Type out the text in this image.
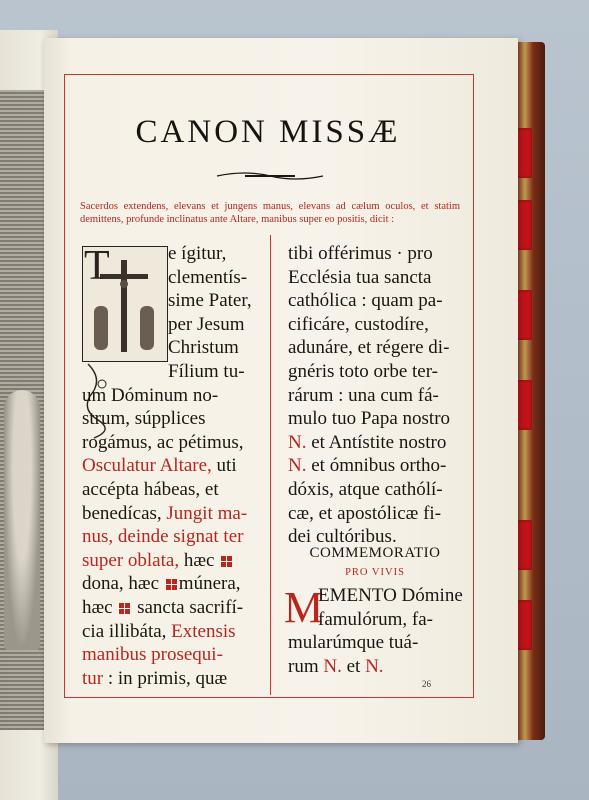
CANON MISSÆ
Sacerdos extendens, elevans et jungens manus, elevans ad cælum oculos, et statim demittens, profunde inclinatus ante Altare, manibus super eo positis, dicit :
T	e ígitur,
clementís-
sime Pater,
per Jesum
Christum
Fílium tu-
um Dóminum no-
strum, súpplices
rogámus, ac pétimus,
Osculatur Altare, uti
accépta hábeas, et
benedícas, Jungit ma-
nus, deinde signat ter
super oblata, hæc
dona, hæc múnera,
hæc  sancta sacrifí-
cia illibáta, Extensis
manibus prosequi-
tur : in primis, quæ
tibi offérimus · pro
Ecclésia tua sancta
cathólica : quam pa-
cificáre, custodíre,
adunáre, et régere di-
gnéris toto orbe ter-
rárum : una cum fá-
mulo tuo Papa nostro
N. et Antístite nostro
N. et ómnibus ortho-
dóxis, atque cathólí-
cæ, et apostólicæ fi-
dei cultóribus.
COMMEMORATIO
PRO VIVIS
M
EMENTO Dómine
famulórum, fa-
mularúmque tuá-
rum N. et N.
26
